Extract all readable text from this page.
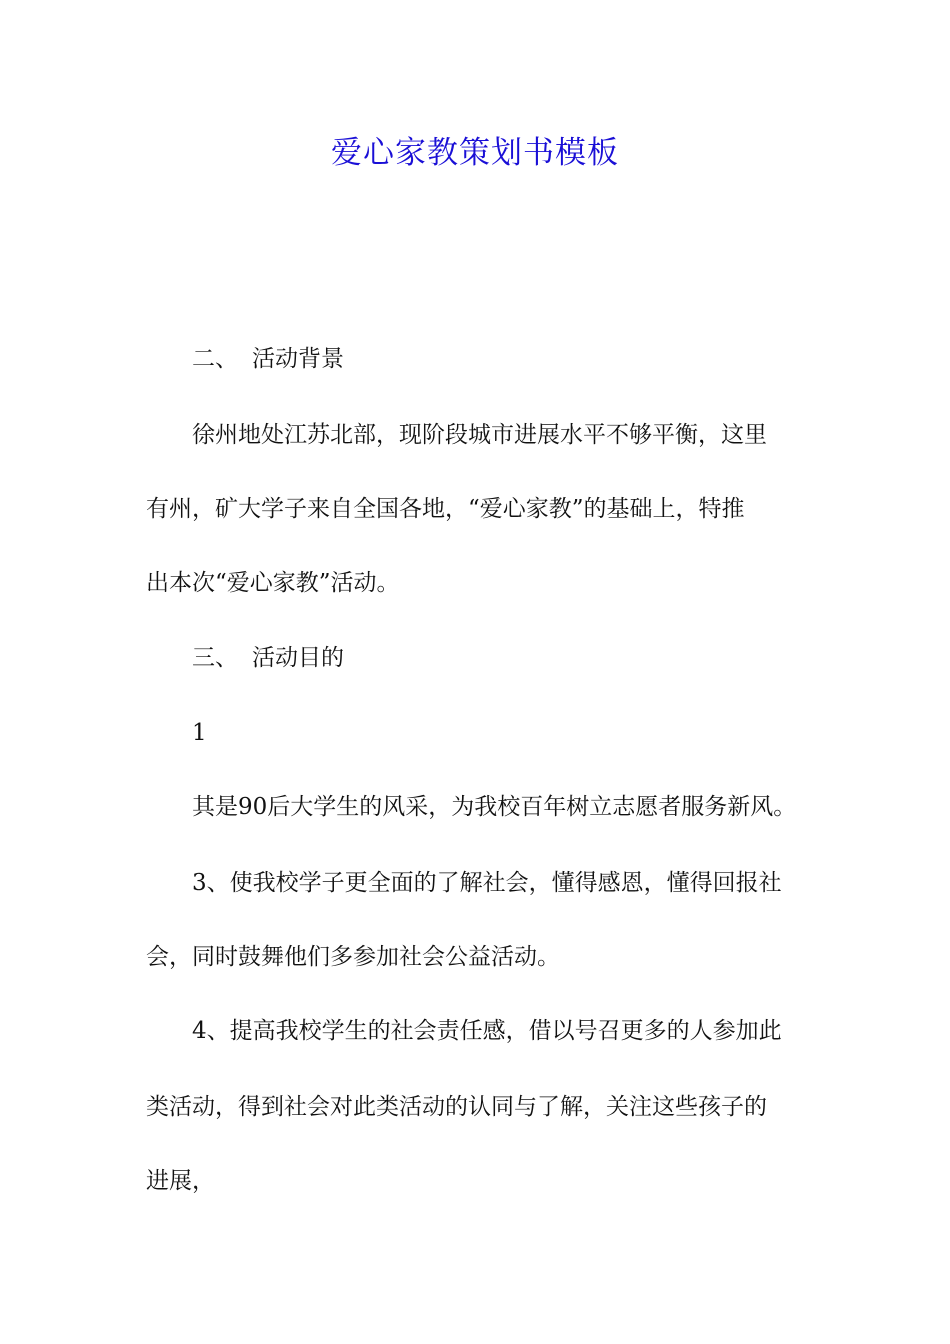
爱心家教策划书模板
二、 活动背景
徐州地处江苏北部，现阶段城市进展水平不够平衡，这里
有州，矿大学子来自全国各地，“爱心家教”的基础上，特推
出本次“爱心家教”活动。
三、 活动目的
1
其是90后大学生的风采，为我校百年树立志愿者服务新风。
3、使我校学子更全面的了解社会，懂得感恩，懂得回报社
会，同时鼓舞他们多参加社会公益活动。
4、提高我校学生的社会责任感，借以号召更多的人参加此
类活动，得到社会对此类活动的认同与了解，关注这些孩子的
进展，
